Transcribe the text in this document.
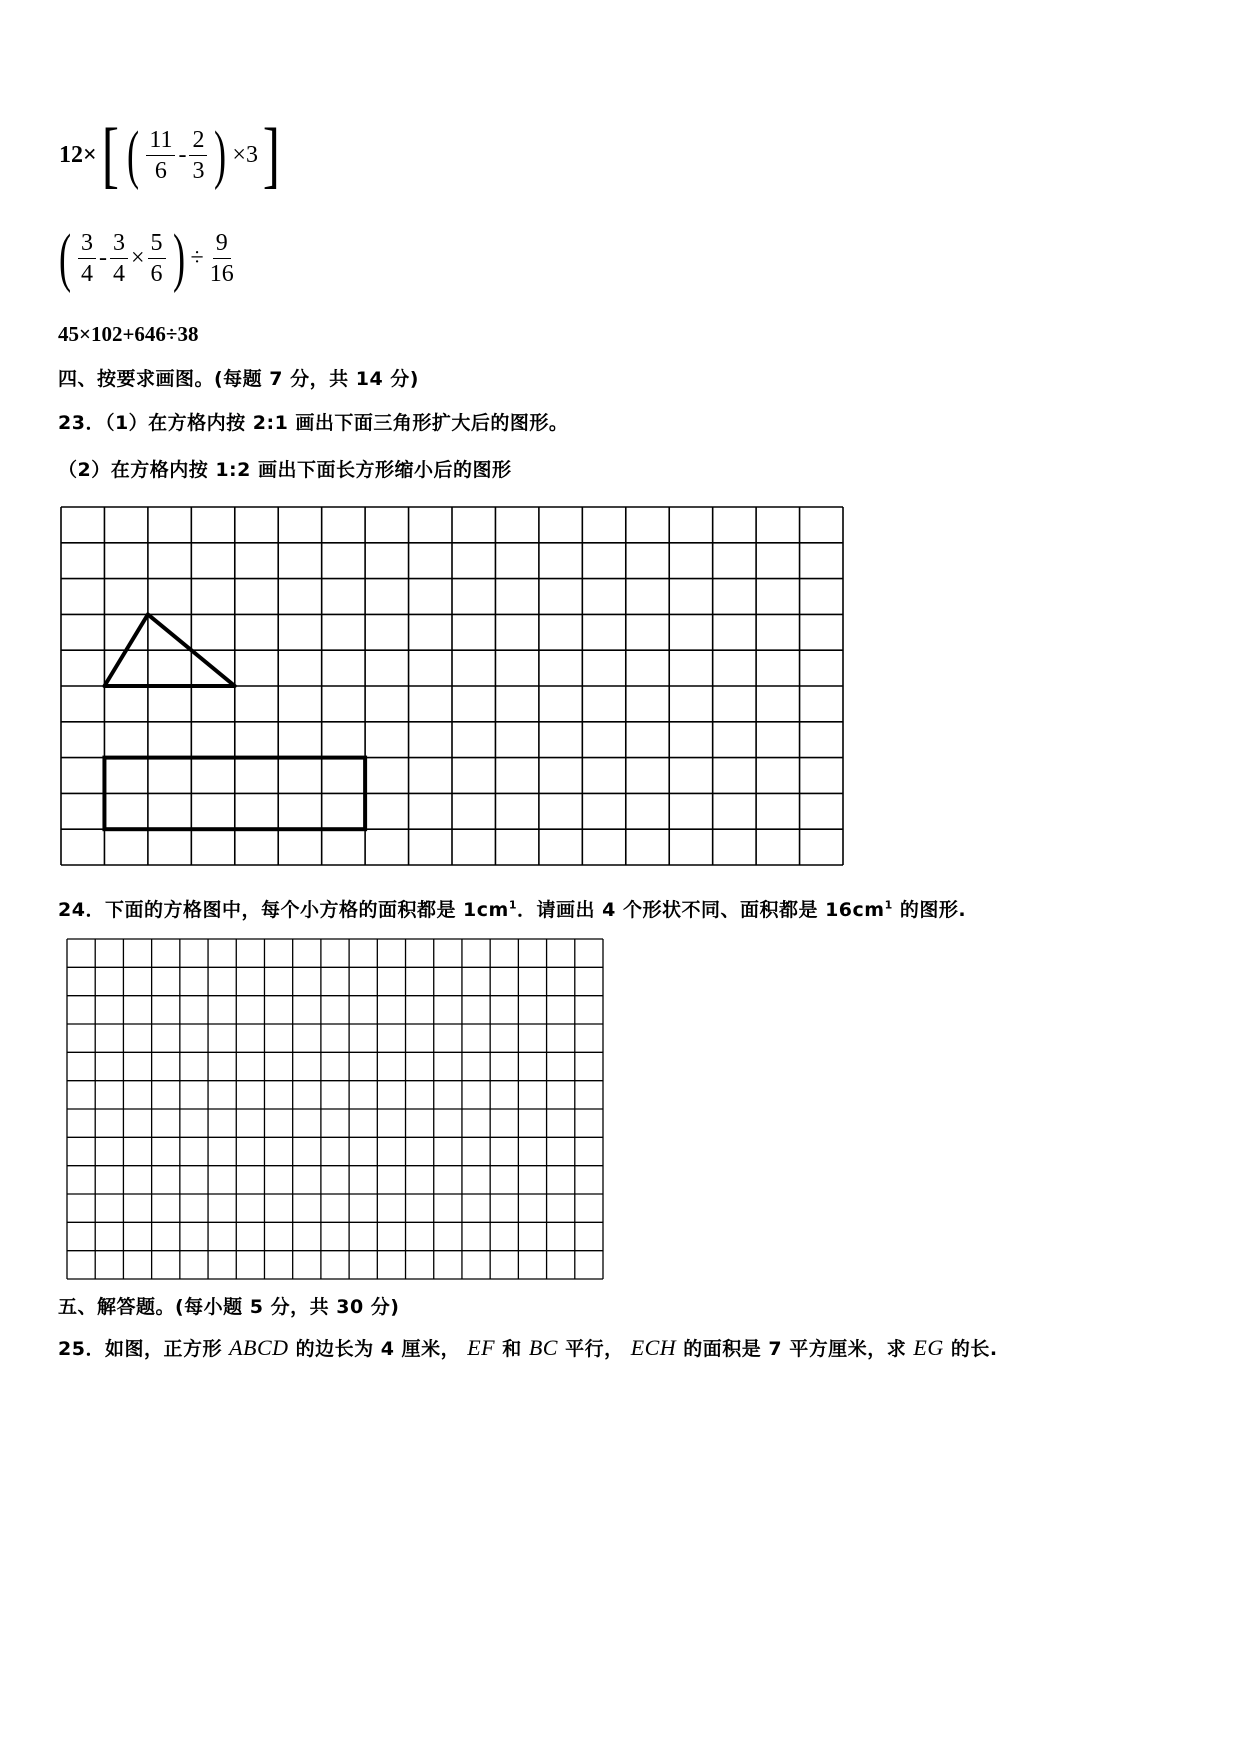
12×[ ( $\frac{11}{6} - \frac{2}{3}$ ) ×3]
( $\frac{3}{4} - \frac{3}{4} \times \frac{5}{6}$ ) ÷ $\frac{9}{16}$
45×102+646÷38
四、按要求画图。(每题 7 分，共 14 分)
23．（1）在方格内按 2:1 画出下面三角形扩大后的图形。
（2）在方格内按 1:2 画出下面长方形缩小后的图形
24．下面的方格图中，每个小方格的面积都是 $1cm^1$．请画出 4 个形状不同、面积都是 $16cm^1$ 的图形.
五、解答题。(每小题 5 分，共 30 分)
25．如图，正方形 ABCD 的边长为 4 厘米， EF 和 BC 平行， ECH 的面积是 7 平方厘米，求 EG 的长.
